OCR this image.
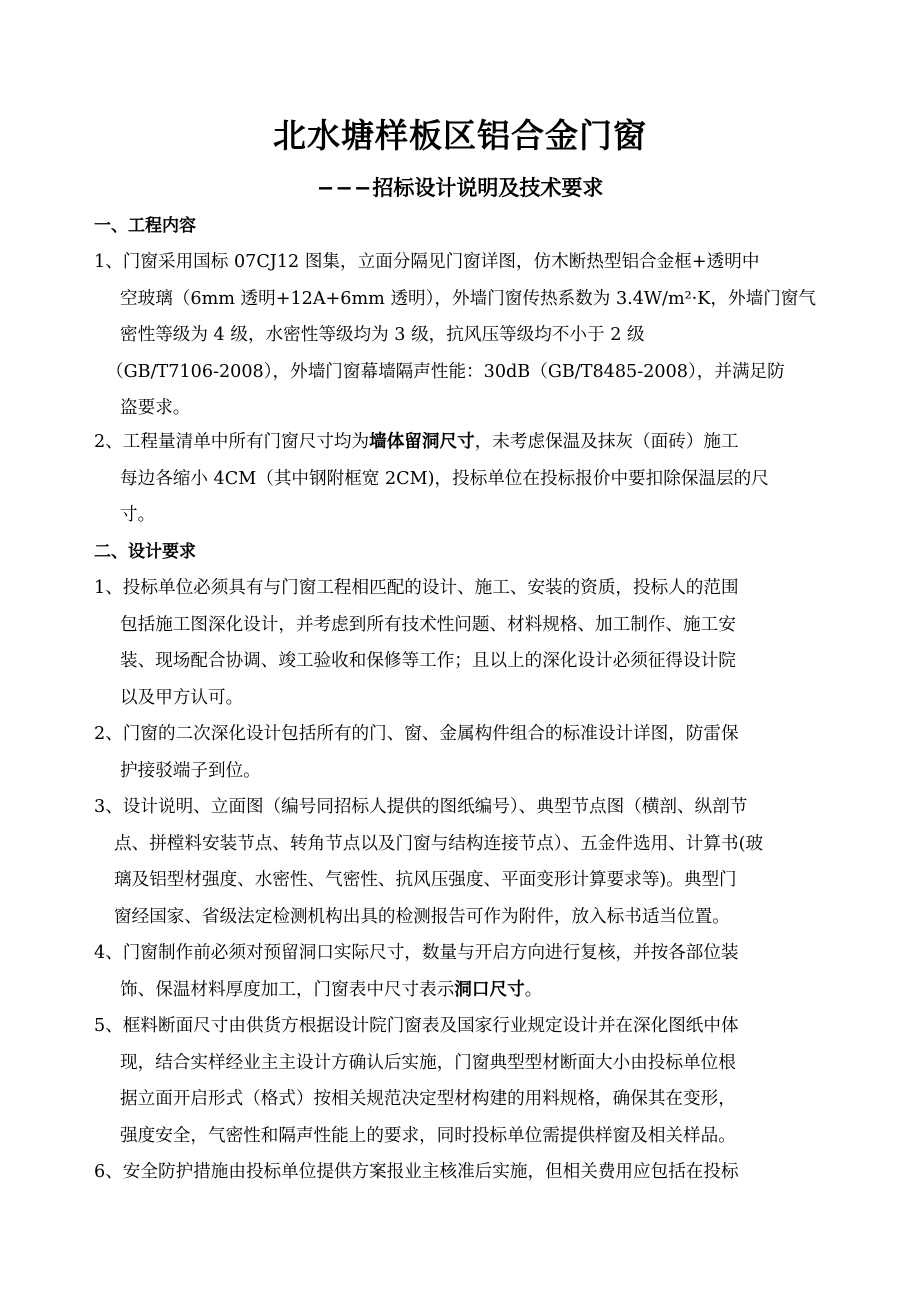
北水塘样板区铝合金门窗
−−−招标设计说明及技术要求
一、工程内容
1、门窗采用国标 07CJ12 图集，立面分隔见门窗详图，仿木断热型铝合金框+透明中
空玻璃（6mm 透明+12A+6mm 透明），外墙门窗传热系数为 3.4W/m²·K，外墙门窗气
密性等级为 4 级，水密性等级均为 3 级，抗风压等级均不小于 2 级
（GB/T7106-2008），外墙门窗幕墙隔声性能：30dB（GB/T8485-2008），并满足防
盗要求。
2、工程量清单中所有门窗尺寸均为墙体留洞尺寸，未考虑保温及抹灰（面砖）施工
每边各缩小 4CM（其中钢附框宽 2CM)，投标单位在投标报价中要扣除保温层的尺
寸。
二、设计要求
1、投标单位必须具有与门窗工程相匹配的设计、施工、安装的资质，投标人的范围
包括施工图深化设计，并考虑到所有技术性问题、材料规格、加工制作、施工安
装、现场配合协调、竣工验收和保修等工作；且以上的深化设计必须征得设计院
以及甲方认可。
2、门窗的二次深化设计包括所有的门、窗、金属构件组合的标准设计详图，防雷保
护接驳端子到位。
3、设计说明、立面图（编号同招标人提供的图纸编号）、典型节点图（横剖、纵剖节
点、拼樘料安装节点、转角节点以及门窗与结构连接节点）、五金件选用、计算书(玻
璃及铝型材强度、水密性、气密性、抗风压强度、平面变形计算要求等)。典型门
窗经国家、省级法定检测机构出具的检测报告可作为附件，放入标书适当位置。
4、门窗制作前必须对预留洞口实际尺寸，数量与开启方向进行复核，并按各部位装
饰、保温材料厚度加工，门窗表中尺寸表示洞口尺寸。
5、框料断面尺寸由供货方根据设计院门窗表及国家行业规定设计并在深化图纸中体
现，结合实样经业主主设计方确认后实施，门窗典型型材断面大小由投标单位根
据立面开启形式（格式）按相关规范决定型材构建的用料规格，确保其在变形，
强度安全，气密性和隔声性能上的要求，同时投标单位需提供样窗及相关样品。
6、安全防护措施由投标单位提供方案报业主核准后实施，但相关费用应包括在投标
